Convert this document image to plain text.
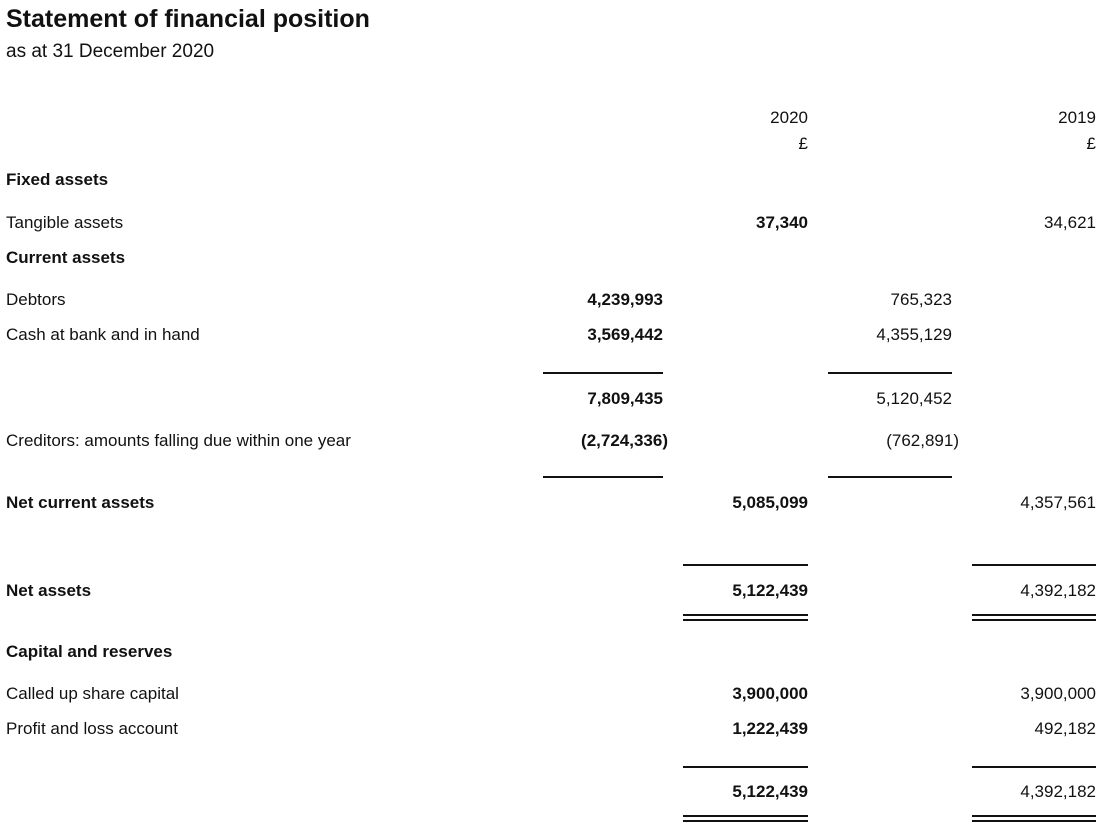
Statement of financial position
as at 31 December 2020
2020
£
2019
£
Fixed assets
Tangible assets	37,340	34,621
Current assets
Debtors	4,239,993	765,323
Cash at bank and in hand	3,569,442	4,355,129
7,809,435	5,120,452
Creditors: amounts falling due within one year	(2,724,336)	(762,891)
Net current assets	5,085,099	4,357,561
Net assets	5,122,439	4,392,182
Capital and reserves
Called up share capital	3,900,000	3,900,000
Profit and loss account	1,222,439	492,182
5,122,439	4,392,182
